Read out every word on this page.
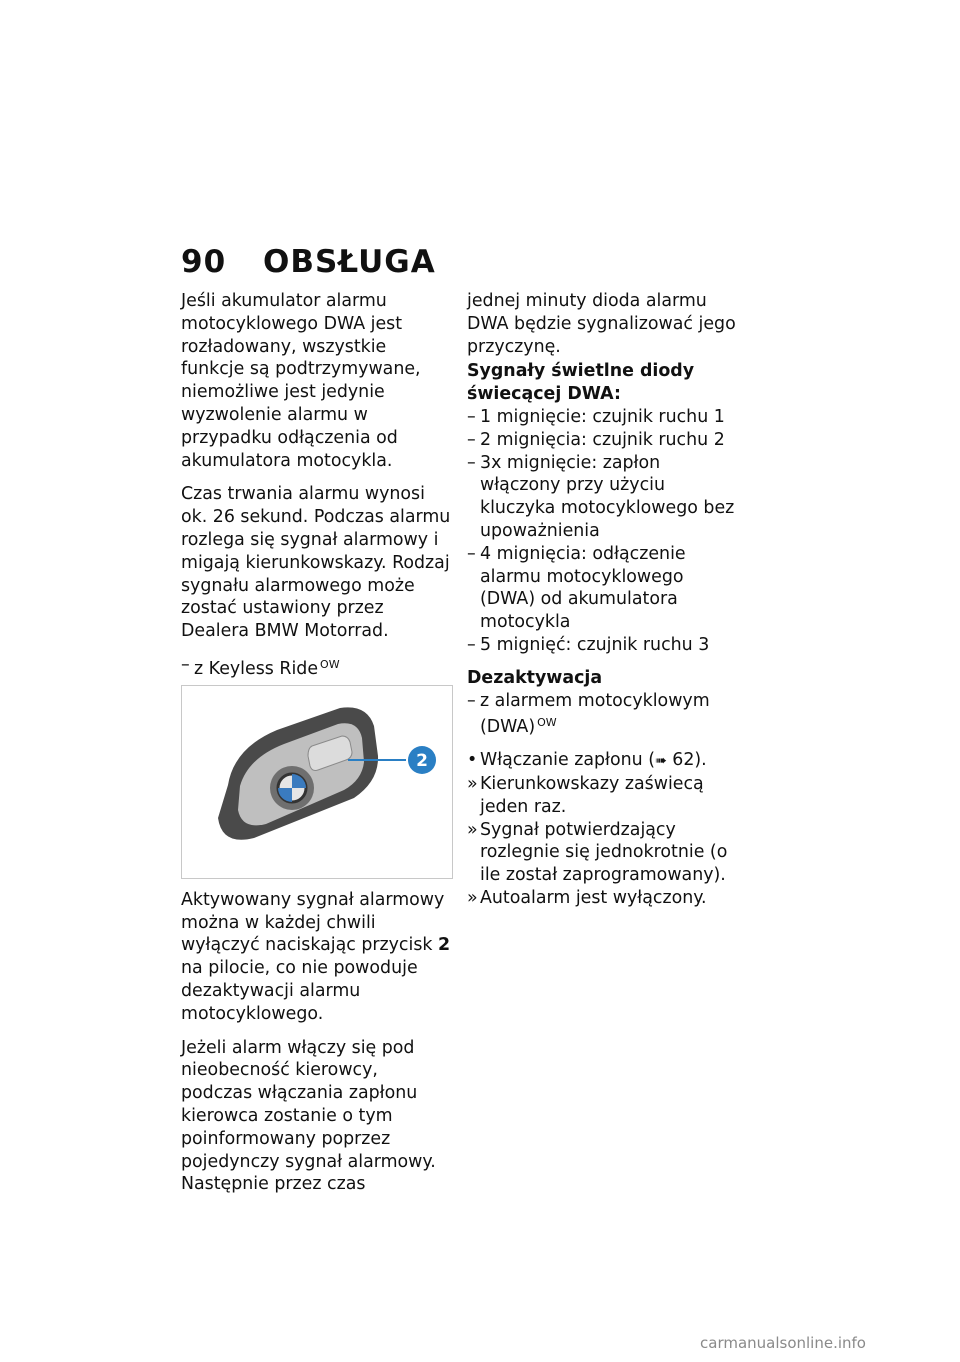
90 OBSŁUGA

Jeśli akumulator alarmu motocyklowego DWA jest rozładowany, wszystkie funkcje są podtrzymywane, niemożliwe jest jedynie wyzwolenie alarmu w przypadku odłączenia od akumulatora motocykla.

Czas trwania alarmu wynosi ok. 26 sekund. Podczas alarmu rozlega się sygnał alarmowy i migają kierunkowskazy. Rodzaj sygnału alarmowego może zostać ustawiony przez Dealera BMW Motorrad.

– z Keyless Ride $^{OW}$
2

Aktywowany sygnał alarmowy można w każdej chwili wyłączyć naciskając przycisk 2 na pilocie, co nie powoduje dezaktywacji alarmu motocyklowego.

Jeżeli alarm włączy się pod nieobecność kierowcy, podczas włączania zapłonu kierowca zostanie o tym poinformowany poprzez pojedynczy sygnał alarmowy. Następnie przez czas

jednej minuty dioda alarmu DWA będzie sygnalizować jego przyczynę.

Sygnały świetlne diody świecącej DWA:

– 1 mignięcie: czujnik ruchu 1
– 2 mignięcia: czujnik ruchu 2
– 3x mignięcie: zapłon włączony przy użyciu kluczyka motocyklowego bez upoważnienia
– 4 mignięcia: odłączenie alarmu motocyklowego (DWA) od akumulatora motocykla
– 5 mignięć: czujnik ruchu 3

Dezaktywacja

– z alarmem motocyklowym (DWA) $^{OW}$
• Włączanie zapłonu (➠ 62).
» Kierunkowskazy zaświecą jeden raz.
» Sygnał potwierdzający rozlegnie się jednokrotnie (o ile został zaprogramowany).
» Autoalarm jest wyłączony.
carmanualsonline.info
